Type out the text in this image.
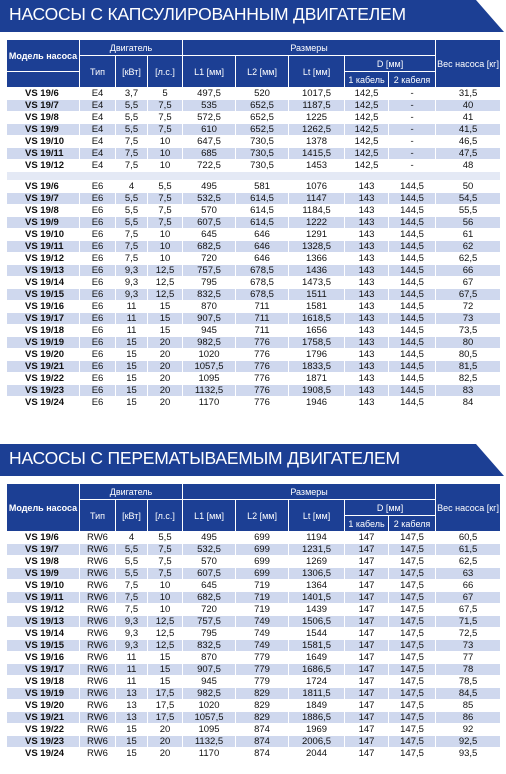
НАСОСЫ С КАПСУЛИРОВАННЫМ ДВИГАТЕЛЕМ
Модель насоса	Двигатель			Размеры					Вес насоса [кг]
	Тип	[кВт]	[л.с.]	L1 [мм]	L2 [мм]	Lt [мм]	D [мм]		
							1 кабель	2 кабеля	
VS 19/6	E4	3,7	5	497,5	520	1017,5	142,5	-	31,5
VS 19/7	E4	5,5	7,5	535	652,5	1187,5	142,5	-	40
VS 19/8	E4	5,5	7,5	572,5	652,5	1225	142,5	-	41
VS 19/9	E4	5,5	7,5	610	652,5	1262,5	142,5	-	41,5
VS 19/10	E4	7,5	10	647,5	730,5	1378	142,5	-	46,5
VS 19/11	E4	7,5	10	685	730,5	1415,5	142,5	-	47,5
VS 19/12	E4	7,5	10	722,5	730,5	1453	142,5	-	48

VS 19/6	E6	4	5,5	495	581	1076	143	144,5	50
VS 19/7	E6	5,5	7,5	532,5	614,5	1147	143	144,5	54,5
VS 19/8	E6	5,5	7,5	570	614,5	1184,5	143	144,5	55,5
VS 19/9	E6	5,5	7,5	607,5	614,5	1222	143	144,5	56
VS 19/10	E6	7,5	10	645	646	1291	143	144,5	61
VS 19/11	E6	7,5	10	682,5	646	1328,5	143	144,5	62
VS 19/12	E6	7,5	10	720	646	1366	143	144,5	62,5
VS 19/13	E6	9,3	12,5	757,5	678,5	1436	143	144,5	66
VS 19/14	E6	9,3	12,5	795	678,5	1473,5	143	144,5	67
VS 19/15	E6	9,3	12,5	832,5	678,5	1511	143	144,5	67,5
VS 19/16	E6	11	15	870	711	1581	143	144,5	72
VS 19/17	E6	11	15	907,5	711	1618,5	143	144,5	73
VS 19/18	E6	11	15	945	711	1656	143	144,5	73,5
VS 19/19	E6	15	20	982,5	776	1758,5	143	144,5	80
VS 19/20	E6	15	20	1020	776	1796	143	144,5	80,5
VS 19/21	E6	15	20	1057,5	776	1833,5	143	144,5	81,5
VS 19/22	E6	15	20	1095	776	1871	143	144,5	82,5
VS 19/23	E6	15	20	1132,5	776	1908,5	143	144,5	83
VS 19/24	E6	15	20	1170	776	1946	143	144,5	84
НАСОСЫ С ПЕРЕМАТЫВАЕМЫМ ДВИГАТЕЛЕМ
Модель насоса	Двигатель			Размеры					Вес насоса [кг]
	Тип	[кВт]	[л.с.]	L1 [мм]	L2 [мм]	Lt [мм]	D [мм]		
							1 кабель	2 кабеля	
VS 19/6	RW6	4	5,5	495	699	1194	147	147,5	60,5
VS 19/7	RW6	5,5	7,5	532,5	699	1231,5	147	147,5	61,5
VS 19/8	RW6	5,5	7,5	570	699	1269	147	147,5	62,5
VS 19/9	RW6	5,5	7,5	607,5	699	1306,5	147	147,5	63
VS 19/10	RW6	7,5	10	645	719	1364	147	147,5	66
VS 19/11	RW6	7,5	10	682,5	719	1401,5	147	147,5	67
VS 19/12	RW6	7,5	10	720	719	1439	147	147,5	67,5
VS 19/13	RW6	9,3	12,5	757,5	749	1506,5	147	147,5	71,5
VS 19/14	RW6	9,3	12,5	795	749	1544	147	147,5	72,5
VS 19/15	RW6	9,3	12,5	832,5	749	1581,5	147	147,5	73
VS 19/16	RW6	11	15	870	779	1649	147	147,5	77
VS 19/17	RW6	11	15	907,5	779	1686,5	147	147,5	78
VS 19/18	RW6	11	15	945	779	1724	147	147,5	78,5
VS 19/19	RW6	13	17,5	982,5	829	1811,5	147	147,5	84,5
VS 19/20	RW6	13	17,5	1020	829	1849	147	147,5	85
VS 19/21	RW6	13	17,5	1057,5	829	1886,5	147	147,5	86
VS 19/22	RW6	15	20	1095	874	1969	147	147,5	92
VS 19/23	RW6	15	20	1132,5	874	2006,5	147	147,5	92,5
VS 19/24	RW6	15	20	1170	874	2044	147	147,5	93,5
